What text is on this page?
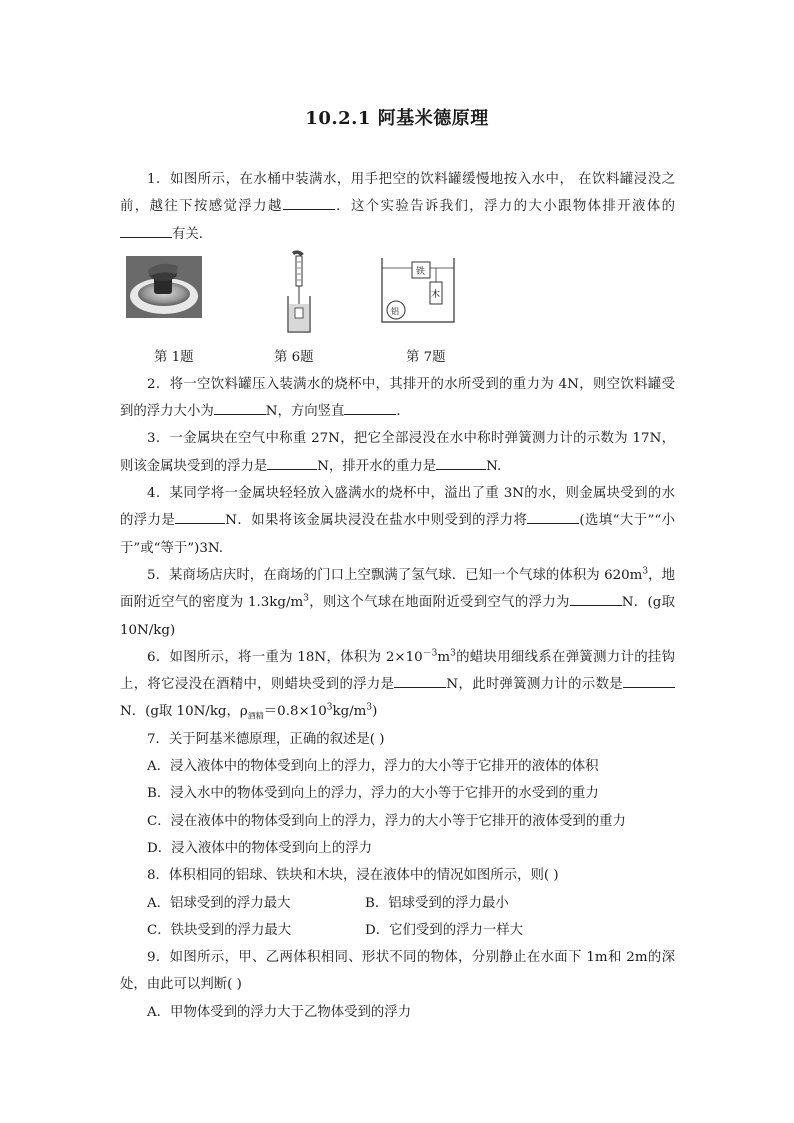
10.2.1 阿基米德原理

1．如图所示，在水桶中装满水，用手把空的饮料罐缓慢地按入水中， 在饮料罐浸没之前，越往下按感觉浮力越	．这个实验告诉我们，浮力的大小跟物体排开液体的有关．

铁
木
铝
第 1题	第 6题	第 7题

2．将一空饮料罐压入装满水的烧杯中，其排开的水所受到的重力为 4N，则空饮料罐受到的浮力大小为	N，方向竖直	．

3．一金属块在空气中称重 27N，把它全部浸没在水中称时弹簧测力计的示数为 17N，则该金属块受到的浮力是	N，排开水的重力是	N.

4．某同学将一金属块轻轻放入盛满水的烧杯中，溢出了重 3N的水，则金属块受到的水的浮力是	N．如果将该金属块浸没在盐水中则受到的浮力将	(选填“大于”“小于”或“等于”)3N.

5．某商场店庆时，在商场的门口上空飘满了氢气球．已知一个气球的体积为 $620m^3$，地面附近空气的密度为 $1.3kg/m^3$，则这个气球在地面附近受到空气的浮力为	N．(g取 10N/kg)

6．如图所示，将一重为 18N，体积为 $2\times 10^{-3}m^3$的蜡块用细线系在弹簧测力计的挂钩上，将它浸没在酒精中，则蜡块受到的浮力是	N，此时弹簧测力计的示数是N．(g取 10N/kg，$\rho_{酒精}=0.8\times 10^3kg/m^3$)

7．关于阿基米德原理，正确的叙述是( )

A．浸入液体中的物体受到向上的浮力，浮力的大小等于它排开的液体的体积

B．浸入水中的物体受到向上的浮力，浮力的大小等于它排开的水受到的重力

C．浸在液体中的物体受到向上的浮力，浮力的大小等于它排开的液体受到的重力

D．浸入液体中的物体受到向上的浮力

8．体积相同的铝球、铁块和木块，浸在液体中的情况如图所示，则( )

A．铝球受到的浮力最大	B．铝球受到的浮力最小

C．铁块受到的浮力最大	D．它们受到的浮力一样大

9．如图所示，甲、乙两体积相同、形状不同的物体，分别静止在水面下 1m和 2m的深处，由此可以判断( )

A．甲物体受到的浮力大于乙物体受到的浮力
